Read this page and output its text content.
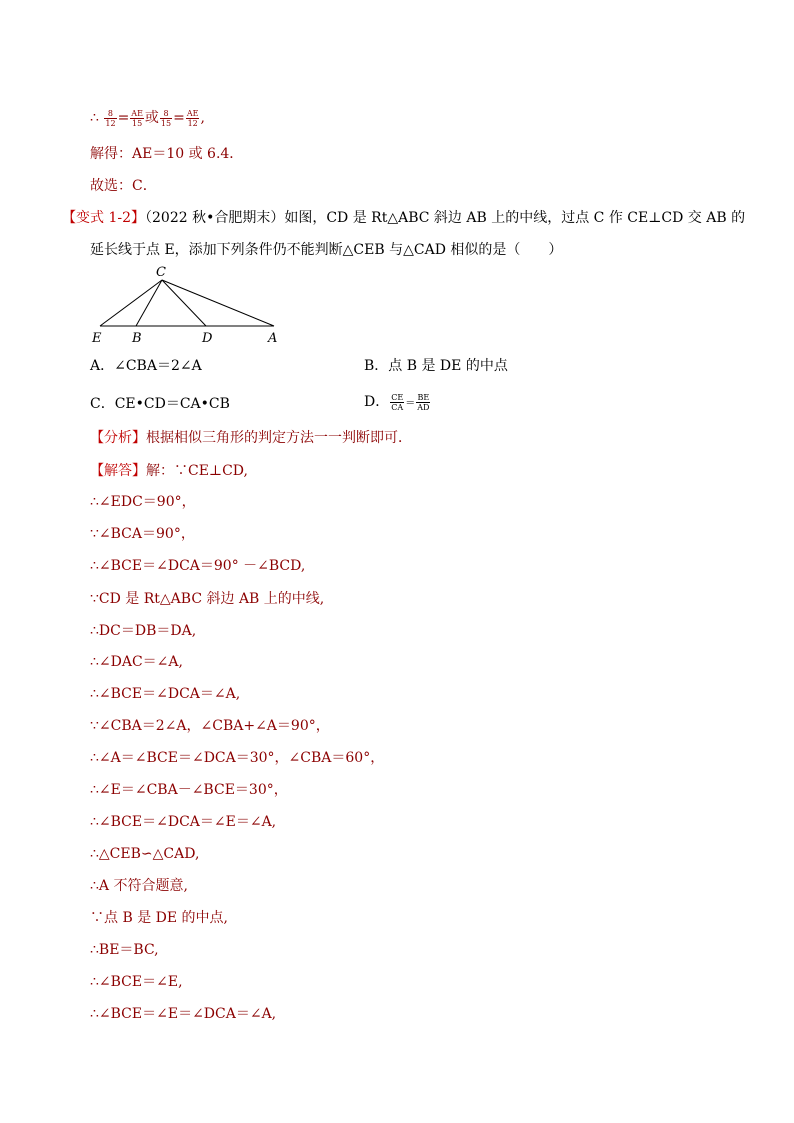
∴ $\frac{8}{12} = \frac{AE}{15}$ 或 $\frac{8}{15} = \frac{AE}{12}$ ,
解得：AE＝10 或 6.4．
故选：C．
【变式 1-2】（2022 秋•合肥期末）如图，CD 是 Rt△ABC 斜边 AB 上的中线，过点 C 作 CE⊥CD 交 AB 的
延长线于点 E，添加下列条件仍不能判断△CEB 与△CAD 相似的是（　　）
C
E B	D	A
A．∠CBA＝2∠A	B．点 B 是 DE 的中点
C．CE•CD＝CA•CB	D． $\frac{CE}{CA} = \frac{BE}{AD}$
【分析】根据相似三角形的判定方法一一判断即可．
【解答】解：∵CE⊥CD,
∴∠EDC＝90°，
∵∠BCA＝90°，
∴∠BCE＝∠DCA＝90° －∠BCD,
∵CD 是 Rt△ABC 斜边 AB 上的中线,
∴DC＝DB＝DA,
∴∠DAC＝∠A,
∴∠BCE＝∠DCA＝∠A,
∵∠CBA＝2∠A，∠CBA+∠A＝90°，
∴∠A＝∠BCE＝∠DCA＝30°，∠CBA＝60°，
∴∠E＝∠CBA－∠BCE＝30°，
∴∠BCE＝∠DCA＝∠E＝∠A,
∴△CEB∽△CAD,
∴A 不符合题意,
∵点 B 是 DE 的中点,
∴BE＝BC,
∴∠BCE＝∠E,
∴∠BCE＝∠E＝∠DCA＝∠A,
